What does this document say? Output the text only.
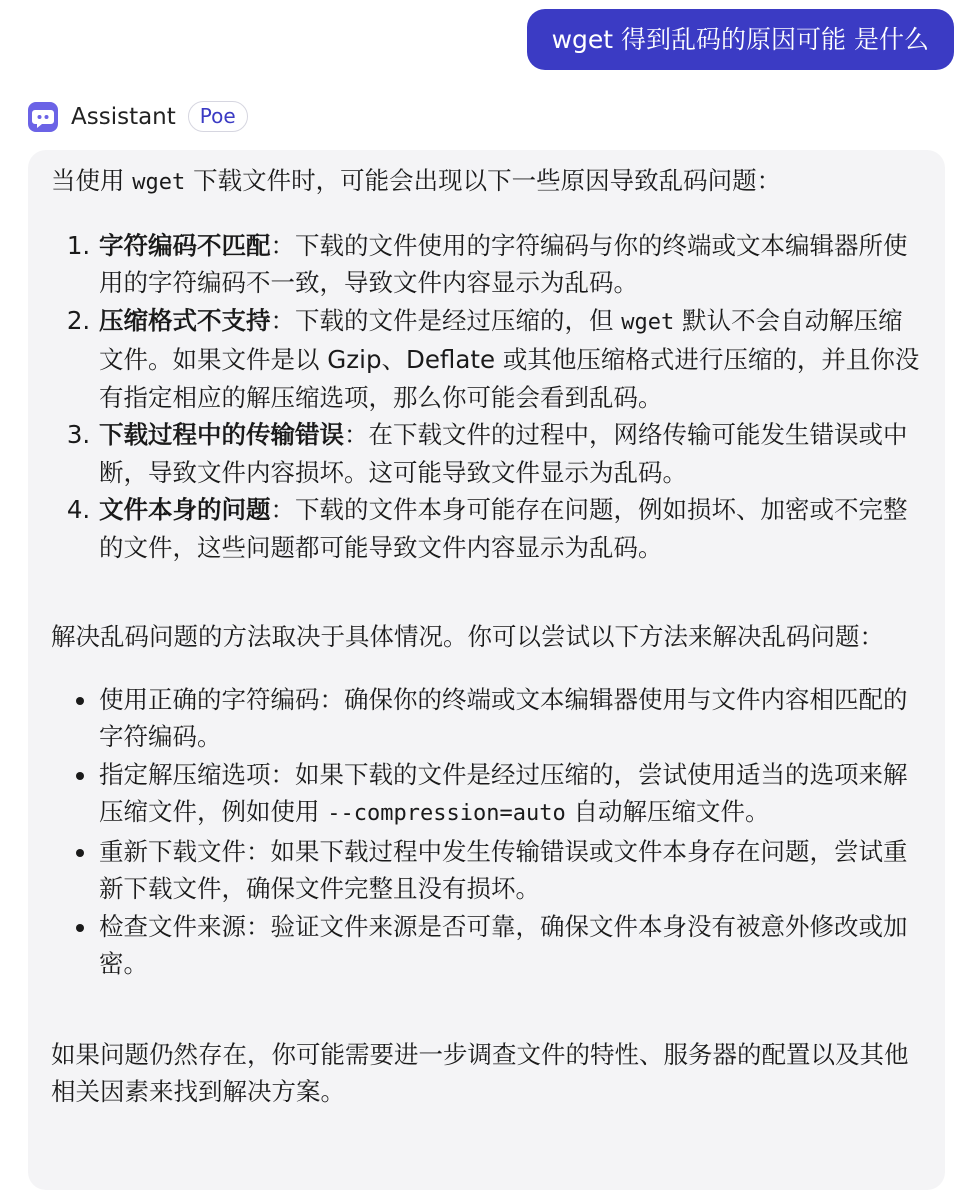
wget 得到乱码的原因可能 是什么
Assistant	Poe

当使用 wget 下载文件时，可能会出现以下一些原因导致乱码问题：

1. 字符编码不匹配：下载的文件使用的字符编码与你的终端或文本编辑器所使用的字符编码不一致，导致文件内容显示为乱码。
2. 压缩格式不支持：下载的文件是经过压缩的，但 wget 默认不会自动解压缩文件。如果文件是以 Gzip、Deflate 或其他压缩格式进行压缩的，并且你没有指定相应的解压缩选项，那么你可能会看到乱码。
3. 下载过程中的传输错误：在下载文件的过程中，网络传输可能发生错误或中断，导致文件内容损坏。这可能导致文件显示为乱码。
4. 文件本身的问题：下载的文件本身可能存在问题，例如损坏、加密或不完整的文件，这些问题都可能导致文件内容显示为乱码。

解决乱码问题的方法取决于具体情况。你可以尝试以下方法来解决乱码问题：

• 使用正确的字符编码：确保你的终端或文本编辑器使用与文件内容相匹配的字符编码。
• 指定解压缩选项：如果下载的文件是经过压缩的，尝试使用适当的选项来解压缩文件，例如使用 --compression=auto 自动解压缩文件。
• 重新下载文件：如果下载过程中发生传输错误或文件本身存在问题，尝试重新下载文件，确保文件完整且没有损坏。
• 检查文件来源：验证文件来源是否可靠，确保文件本身没有被意外修改或加密。

如果问题仍然存在，你可能需要进一步调查文件的特性、服务器的配置以及其他相关因素来找到解决方案。
